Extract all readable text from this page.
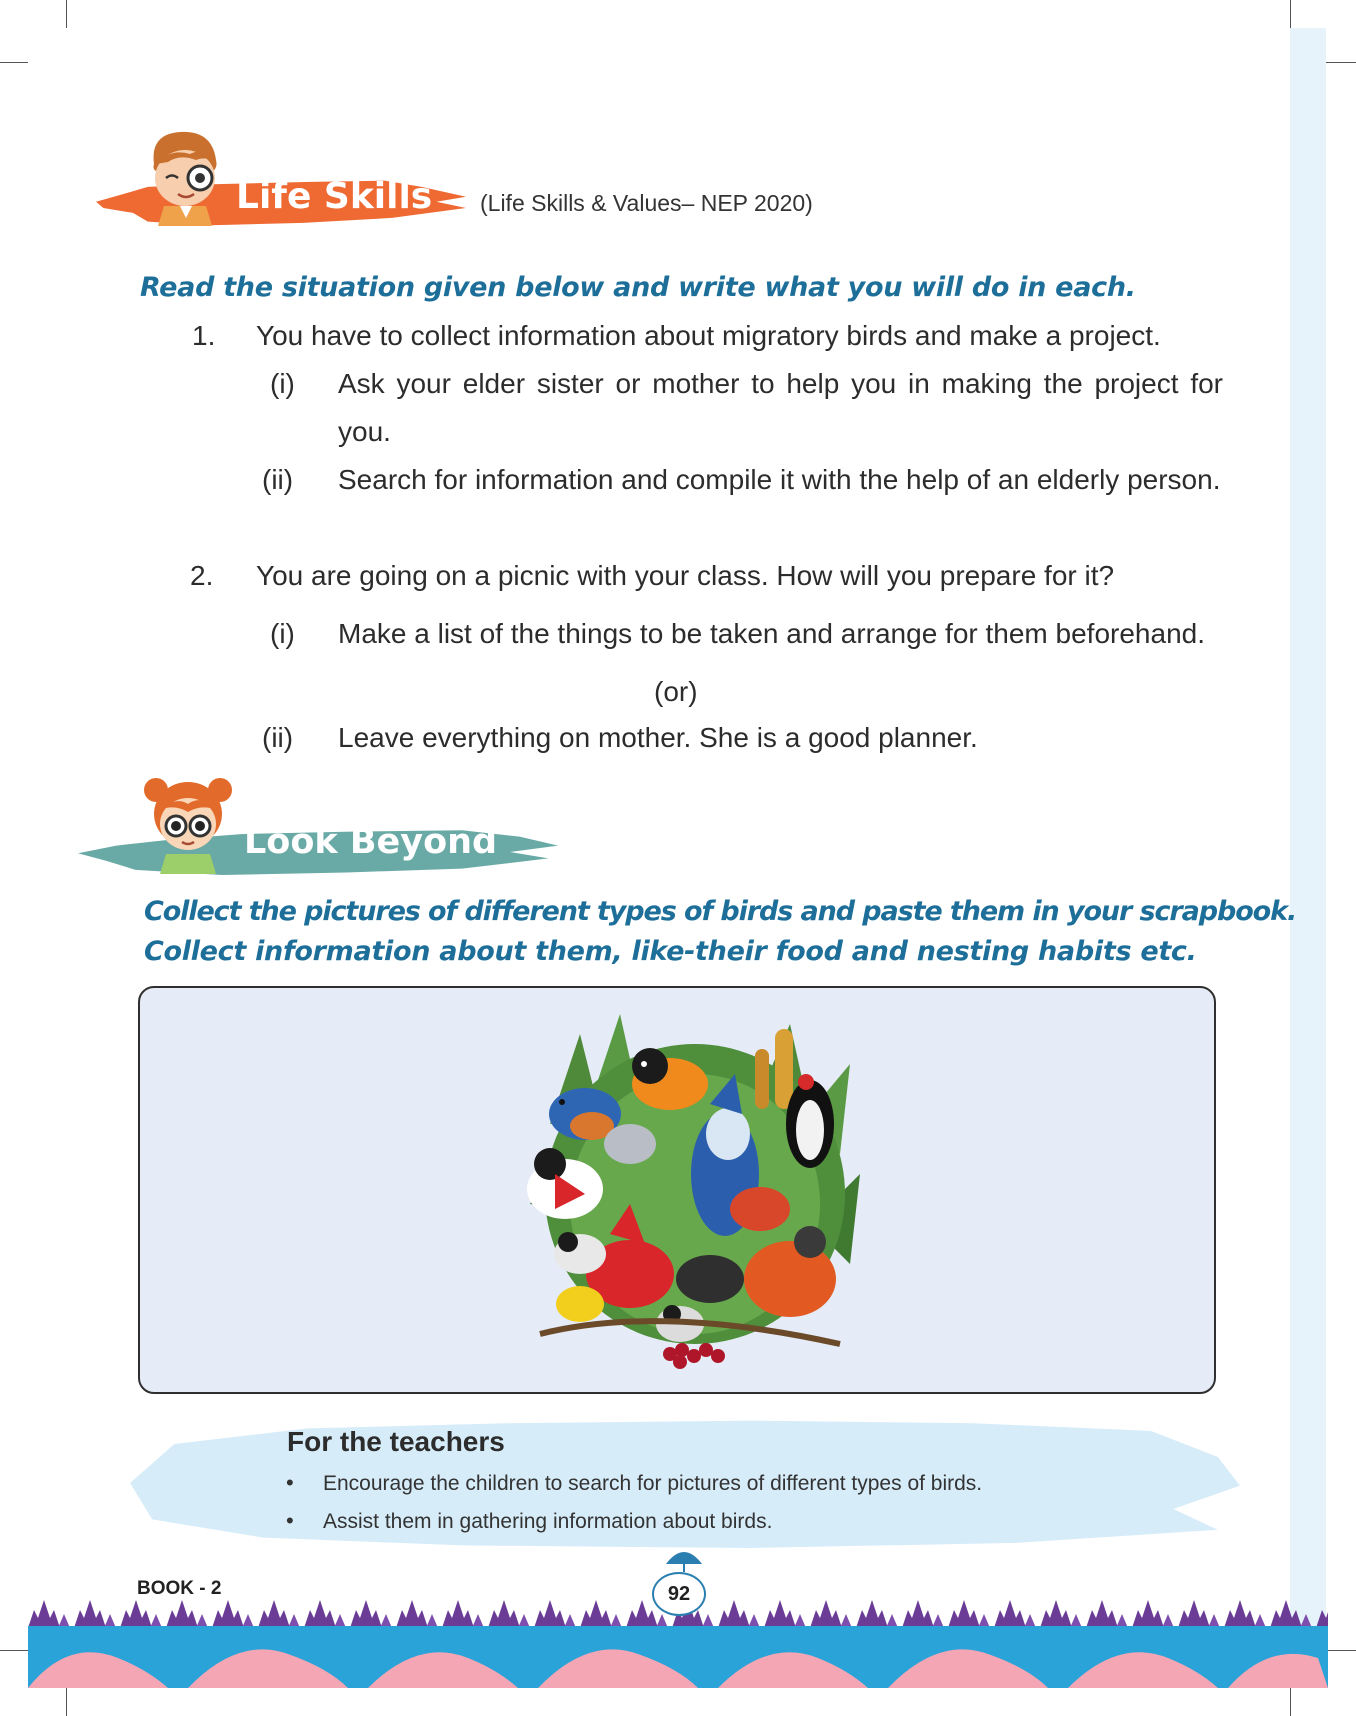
Life Skills (Life Skills & Values– NEP 2020)
Read the situation given below and write what you will do in each.
1. You have to collect information about migratory birds and make a project.
(i) Ask your elder sister or mother to help you in making the project for you.
(ii) Search for information and compile it with the help of an elderly person.
2. You are going on a picnic with your class. How will you prepare for it?
(i) Make a list of the things to be taken and arrange for them beforehand.
(or)
(ii) Leave everything on mother. She is a good planner.
Look Beyond
Collect the pictures of different types of birds and paste them in your scrapbook.
Collect information about them, like-their food and nesting habits etc.
For the teachers
• Encourage the children to search for pictures of different types of birds.
• Assist them in gathering information about birds.
92
BOOK - 2
